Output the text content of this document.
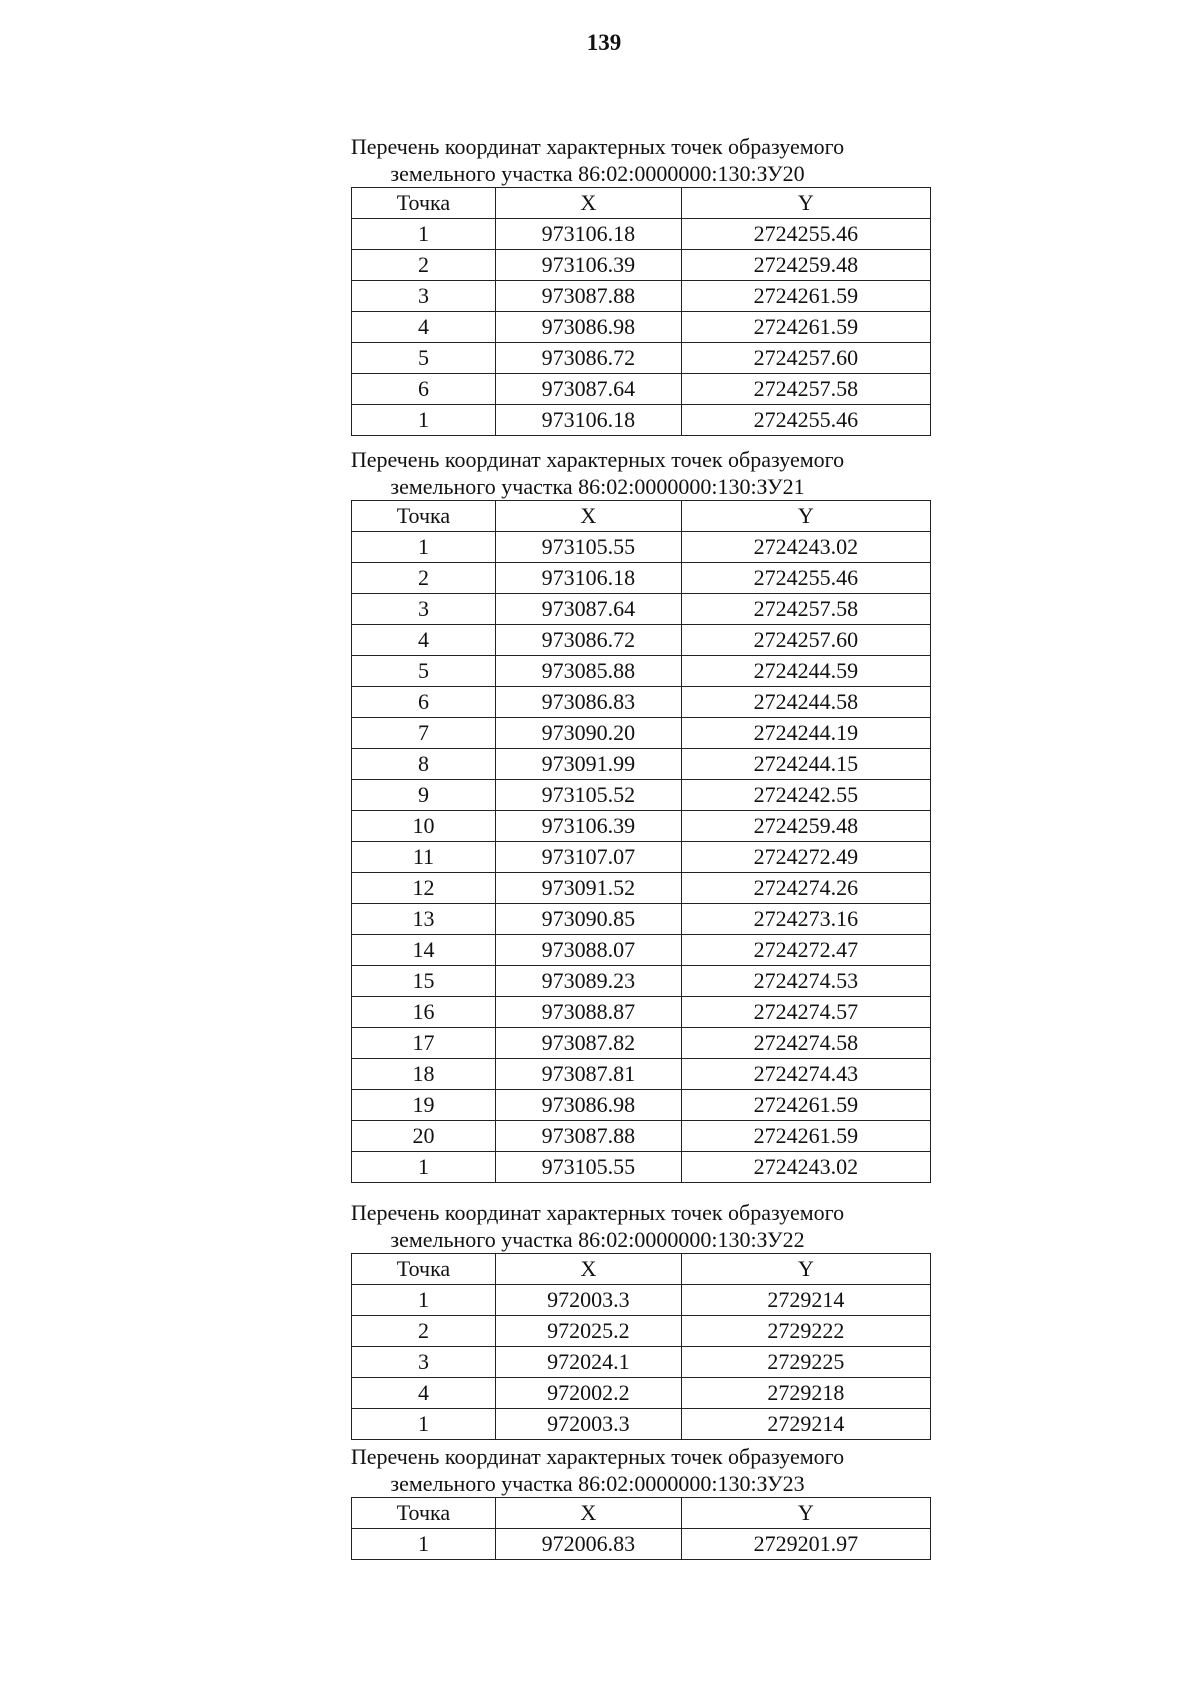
139
Перечень координат характерных точек образуемого
земельного участка 86:02:0000000:130:ЗУ20
Точка	X	Y
1	973106.18	2724255.46
2	973106.39	2724259.48
3	973087.88	2724261.59
4	973086.98	2724261.59
5	973086.72	2724257.60
6	973087.64	2724257.58
1	973106.18	2724255.46
Перечень координат характерных точек образуемого
земельного участка 86:02:0000000:130:ЗУ21
Точка	X	Y
1	973105.55	2724243.02
2	973106.18	2724255.46
3	973087.64	2724257.58
4	973086.72	2724257.60
5	973085.88	2724244.59
6	973086.83	2724244.58
7	973090.20	2724244.19
8	973091.99	2724244.15
9	973105.52	2724242.55
10	973106.39	2724259.48
11	973107.07	2724272.49
12	973091.52	2724274.26
13	973090.85	2724273.16
14	973088.07	2724272.47
15	973089.23	2724274.53
16	973088.87	2724274.57
17	973087.82	2724274.58
18	973087.81	2724274.43
19	973086.98	2724261.59
20	973087.88	2724261.59
1	973105.55	2724243.02
Перечень координат характерных точек образуемого
земельного участка 86:02:0000000:130:ЗУ22
Точка	X	Y
1	972003.3	2729214
2	972025.2	2729222
3	972024.1	2729225
4	972002.2	2729218
1	972003.3	2729214
Перечень координат характерных точек образуемого
земельного участка 86:02:0000000:130:ЗУ23
Точка	X	Y
1	972006.83	2729201.97
